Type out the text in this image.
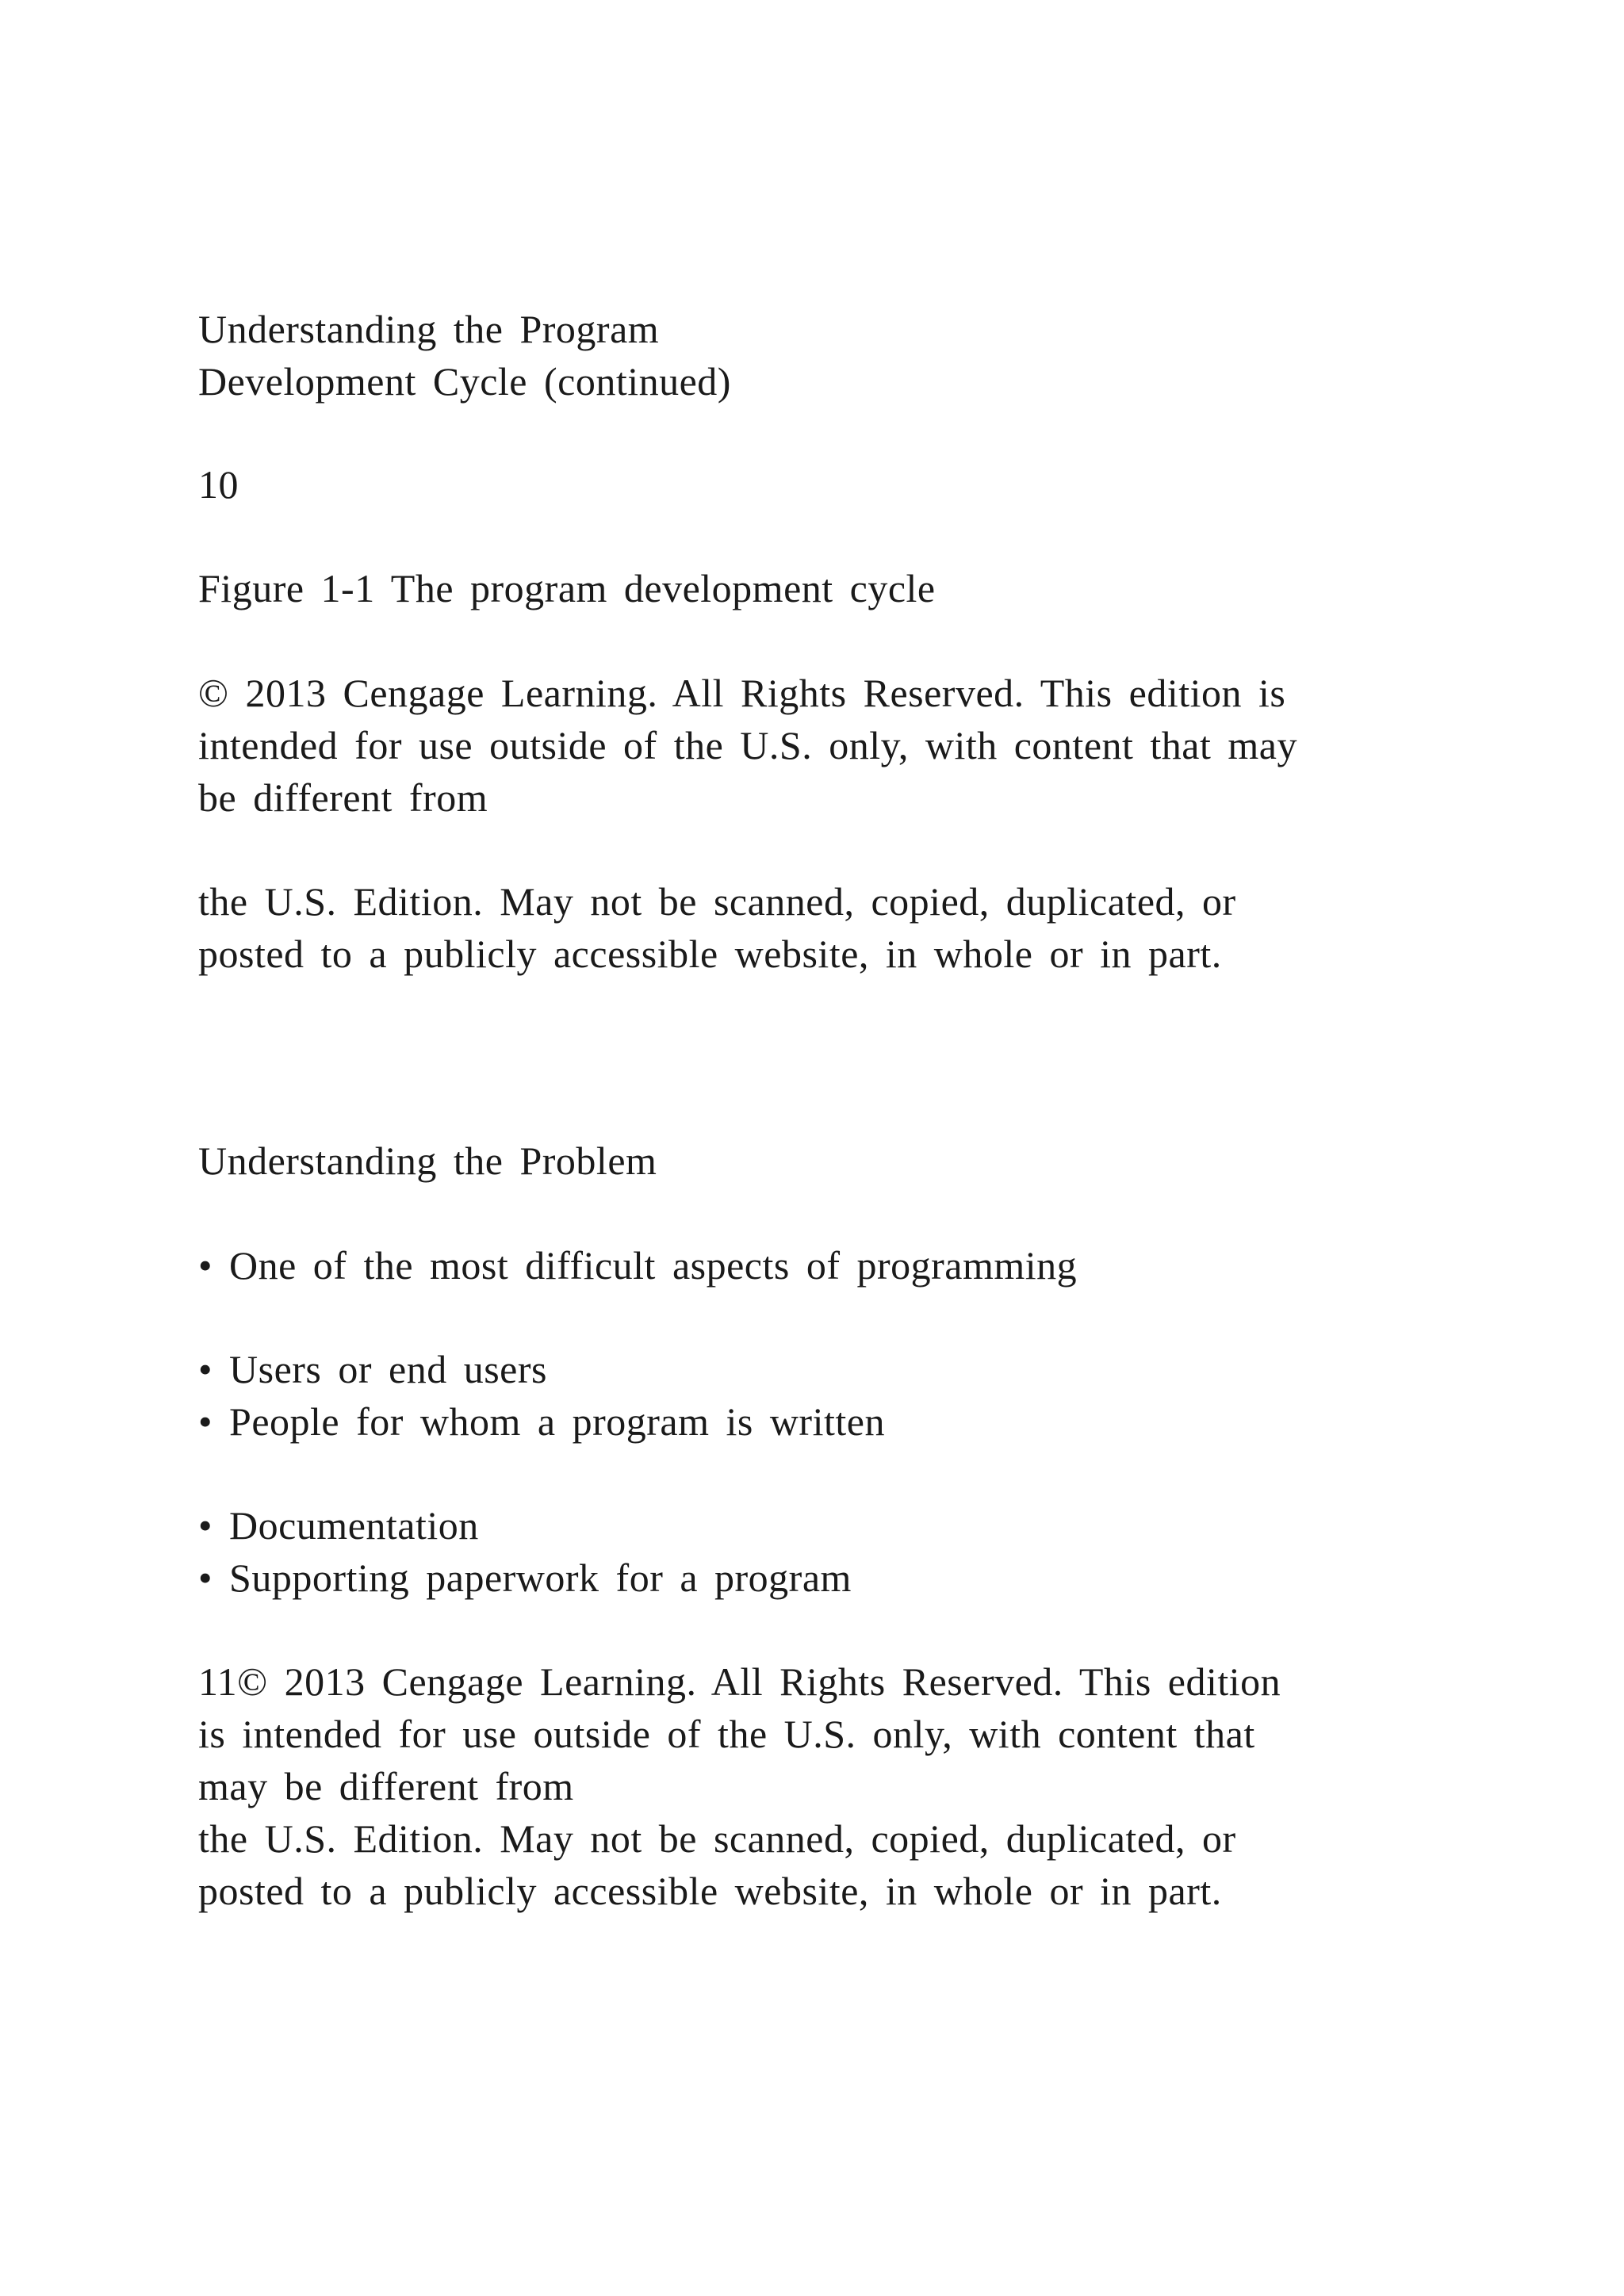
Understanding the Program
Development Cycle (continued)
10
Figure 1-1 The program development cycle
© 2013 Cengage Learning. All Rights Reserved. This edition is
intended for use outside of the U.S. only, with content that may
be different from
the U.S. Edition. May not be scanned, copied, duplicated, or
posted to a publicly accessible website, in whole or in part.
Understanding the Problem
• One of the most difficult aspects of programming
• Users or end users
• People for whom a program is written
• Documentation
• Supporting paperwork for a program
11© 2013 Cengage Learning. All Rights Reserved. This edition
is intended for use outside of the U.S. only, with content that
may be different from
the U.S. Edition. May not be scanned, copied, duplicated, or
posted to a publicly accessible website, in whole or in part.
